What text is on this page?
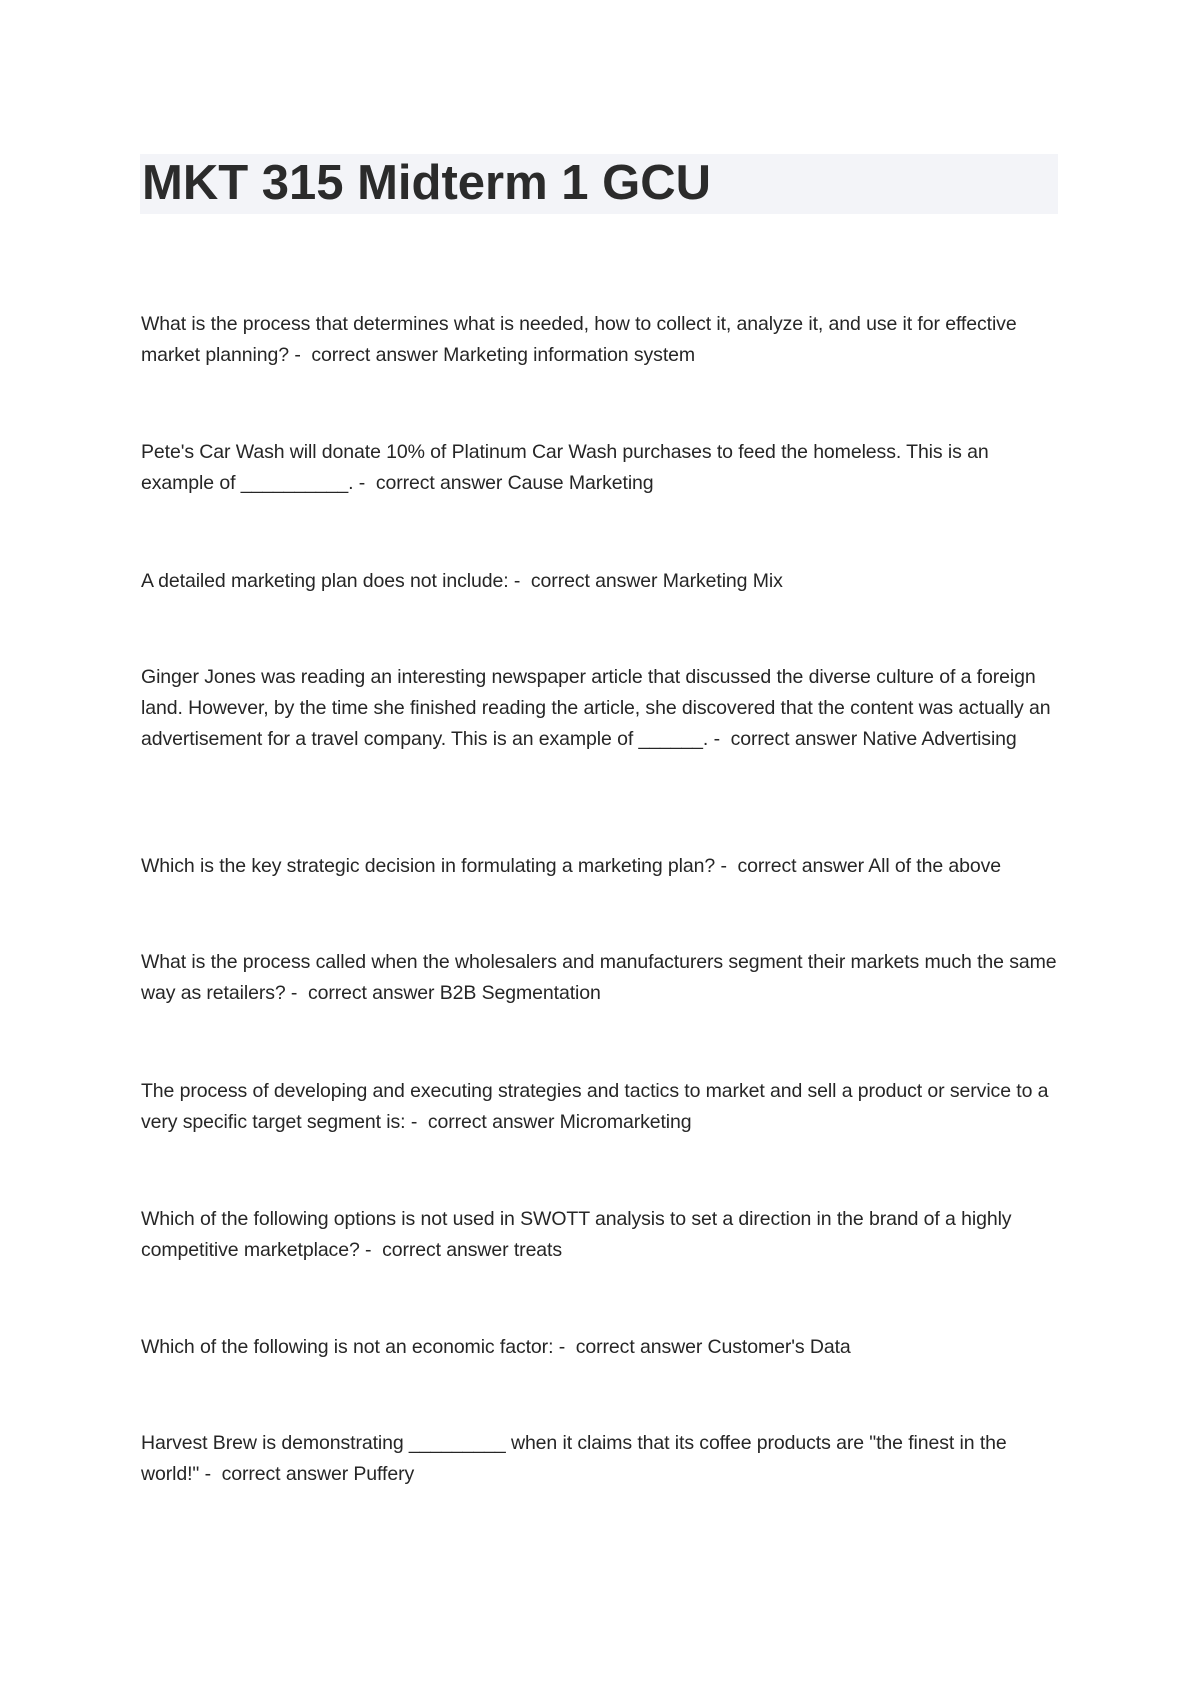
MKT 315 Midterm 1 GCU

What is the process that determines what is needed, how to collect it, analyze it, and use it for effective market planning? -  correct answer Marketing information system

Pete's Car Wash will donate 10% of Platinum Car Wash purchases to feed the homeless. This is an example of __________. -  correct answer Cause Marketing

A detailed marketing plan does not include: -  correct answer Marketing Mix

Ginger Jones was reading an interesting newspaper article that discussed the diverse culture of a foreign land. However, by the time she finished reading the article, she discovered that the content was actually an advertisement for a travel company. This is an example of ______. -  correct answer Native Advertising

Which is the key strategic decision in formulating a marketing plan? -  correct answer All of the above

What is the process called when the wholesalers and manufacturers segment their markets much the same way as retailers? -  correct answer B2B Segmentation

The process of developing and executing strategies and tactics to market and sell a product or service to a very specific target segment is: -  correct answer Micromarketing

Which of the following options is not used in SWOTT analysis to set a direction in the brand of a highly competitive marketplace? -  correct answer treats

Which of the following is not an economic factor: -  correct answer Customer's Data

Harvest Brew is demonstrating _________ when it claims that its coffee products are "the finest in the world!" -  correct answer Puffery
